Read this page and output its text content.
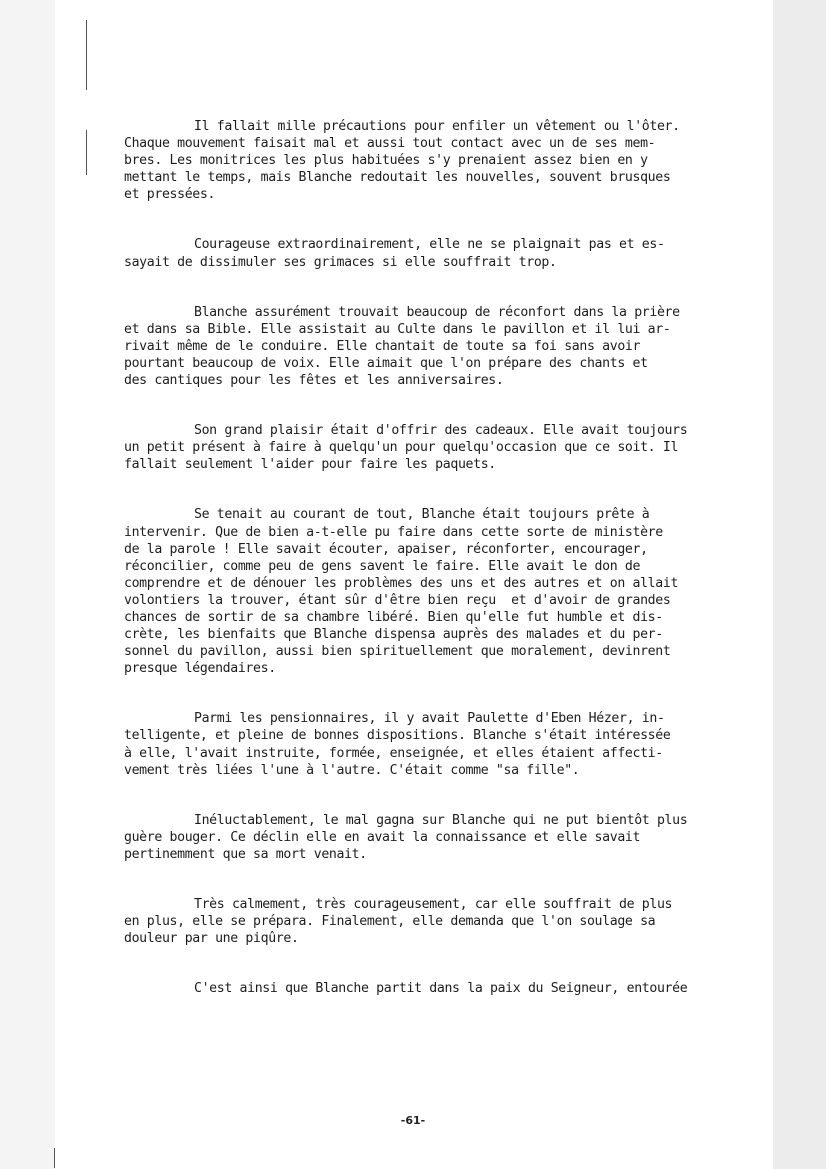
Il fallait mille précautions pour enfiler un vêtement ou l'ôter.
Chaque mouvement faisait mal et aussi tout contact avec un de ses mem-
bres. Les monitrices les plus habituées s'y prenaient assez bien en y
mettant le temps, mais Blanche redoutait les nouvelles, souvent brusques
et pressées.
Courageuse extraordinairement, elle ne se plaignait pas et es-
sayait de dissimuler ses grimaces si elle souffrait trop.
Blanche assurément trouvait beaucoup de réconfort dans la prière
et dans sa Bible. Elle assistait au Culte dans le pavillon et il lui ar-
rivait même de le conduire. Elle chantait de toute sa foi sans avoir
pourtant beaucoup de voix. Elle aimait que l'on prépare des chants et
des cantiques pour les fêtes et les anniversaires.
Son grand plaisir était d'offrir des cadeaux. Elle avait toujours
un petit présent à faire à quelqu'un pour quelqu'occasion que ce soit. Il
fallait seulement l'aider pour faire les paquets.
Se tenait au courant de tout, Blanche était toujours prête à
intervenir. Que de bien a-t-elle pu faire dans cette sorte de ministère
de la parole ! Elle savait écouter, apaiser, réconforter, encourager,
réconcilier, comme peu de gens savent le faire. Elle avait le don de
comprendre et de dénouer les problèmes des uns et des autres et on allait
volontiers la trouver, étant sûr d'être bien reçu  et d'avoir de grandes
chances de sortir de sa chambre libéré. Bien qu'elle fut humble et dis-
crète, les bienfaits que Blanche dispensa auprès des malades et du per-
sonnel du pavillon, aussi bien spirituellement que moralement, devinrent
presque légendaires.
Parmi les pensionnaires, il y avait Paulette d'Eben Hézer, in-
telligente, et pleine de bonnes dispositions. Blanche s'était intéressée
à elle, l'avait instruite, formée, enseignée, et elles étaient affecti-
vement très liées l'une à l'autre. C'était comme "sa fille".
Inéluctablement, le mal gagna sur Blanche qui ne put bientôt plus
guère bouger. Ce déclin elle en avait la connaissance et elle savait
pertinemment que sa mort venait.
Très calmement, très courageusement, car elle souffrait de plus
en plus, elle se prépara. Finalement, elle demanda que l'on soulage sa
douleur par une piqûre.
C'est ainsi que Blanche partit dans la paix du Seigneur, entourée
-61-
